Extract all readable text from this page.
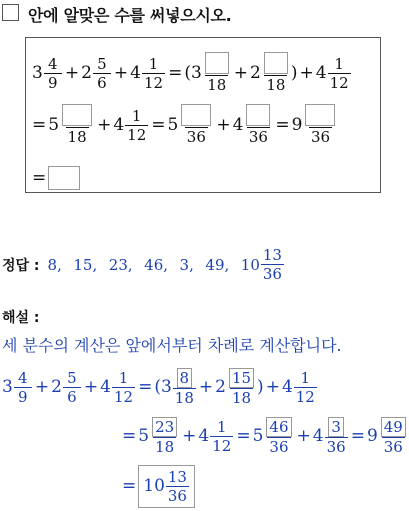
안에 알맞은 수를 써넣으시오.
$3 \frac{4}{9} + 2 \frac{5}{6} + 4 \frac{1}{12} = (3$
18
+ 2
18
) + $4 \frac{1}{12}$
= 5
18
+ $4 \frac{1}{12} = 5$
36
+ 4
36
= 9
36
=
정답 : 8,  15,  23,  46,  3,  49,  $10 \frac{13}{36}$
해설 :
세 분수의 계산은 앞에서부터 차례로 계산합니다.
$3 \frac{4}{9} + 2 \frac{5}{6} + 4 \frac{1}{12} = (3 \frac{8}{18} + 2 \frac{15}{18}$ ) + $4 \frac{1}{12}$
= $5 \frac{23}{18} + 4 \frac{1}{12} = 5 \frac{46}{36} + 4 \frac{3}{36} = 9 \frac{49}{36}$
= $10 \frac{13}{36}$
